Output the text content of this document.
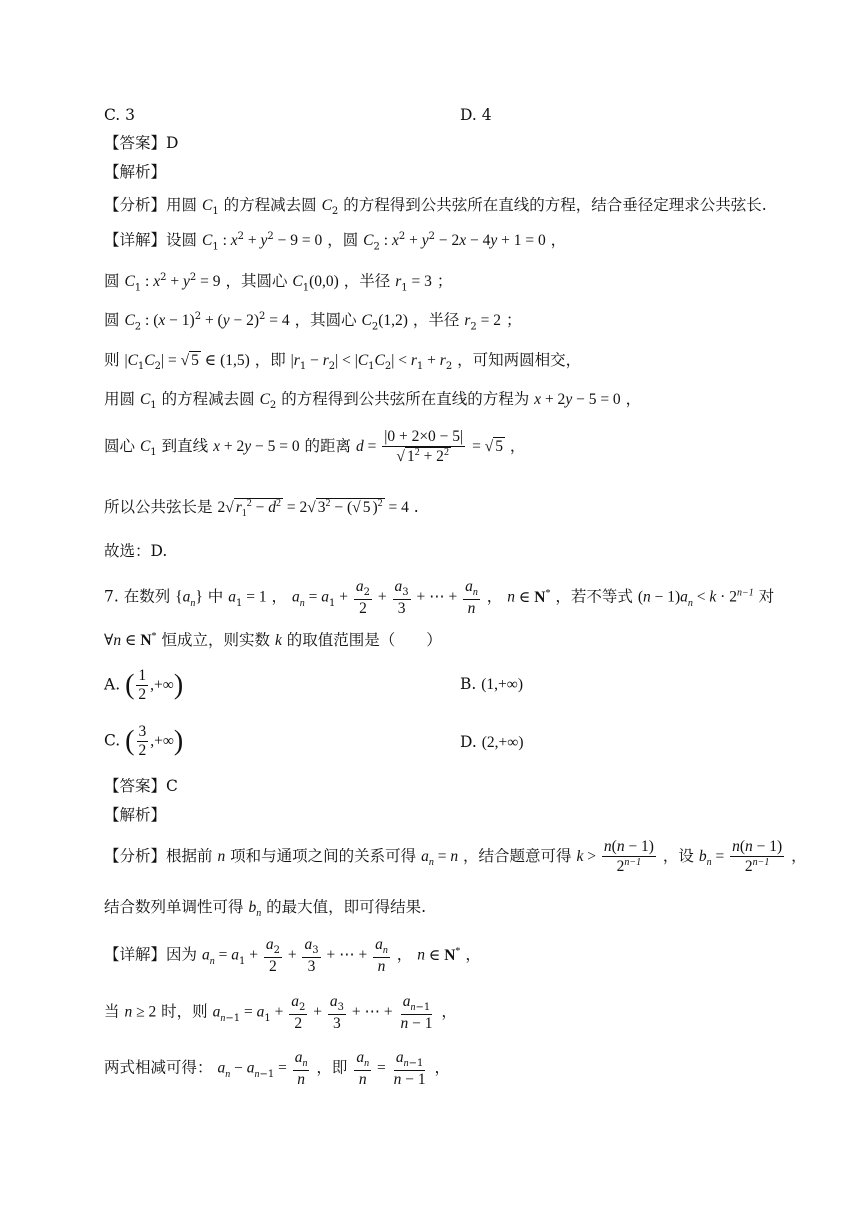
C. 3	D. 4
【答案】D
【解析】
【分析】用圆 $C_1$ 的方程减去圆 $C_2$ 的方程得到公共弦所在直线的方程，结合垂径定理求公共弦长.
【详解】设圆 $C_1$ : $x^2 + y^2 - 9 = 0$ ，圆 $C_2$ : $x^2 + y^2 - 2x - 4y + 1 = 0$ ，
圆 $C_1$ : $x^2 + y^2 = 9$ ，其圆心 $C_1(0,0)$ ，半径 $r_1 = 3$ ；
圆 $C_2$ : $(x - 1)^2 + (y - 2)^2 = 4$ ，其圆心 $C_2(1,2)$ ，半径 $r_2 = 2$ ；
则 $|C_1C_2|$ = √ 5 ∈ (1,5) ，即 $|r_1 - r_2| < |C_1C_2| < r_1 + r_2$ ，可知两圆相交，
用圆 $C_1$ 的方程减去圆 $C_2$ 的方程得到公共弦所在直线的方程为 x + 2y − 5 = 0 ，
圆心 $C_1$ 到直线 x + 2y − 5 = 0 的距离 $d = \frac{|0 + 2\times 0 - 5|}{√ 1^2 + 2^2}$ = √ 5 ，
所以公共弦长是 2√ $r_1^2 - d^2 = 2√$ $3^2$ − (√ 5 )$^2$ = 4 .
故选：D.
7. 在数列 $\{a_n\}$ 中 $a_1 = 1$ ， $a_n = a_1 + \frac{a_2}{2} + \frac{a_3}{3}$ + ⋯ + $\frac{a_n}{n}$ ， n ∈ N* ，若不等式 $(n - 1)a_n < k \cdot 2^{n-1}$ 对
∀n ∈ N* 恒成立，则实数 k 的取值范围是（　　）
A. ( $\frac{1}{2}$ ,+∞)	B. (1,+∞)
C. ( $\frac{3}{2}$ ,+∞)	D. (2,+∞)
【答案】C
【解析】
【分析】根据前 n 项和与通项之间的关系可得 $a_n = n$ ，结合题意可得 $k > \frac{n(n - 1)}{2^{n-1}}$ ，设 $b_n = \frac{n(n - 1)}{2^{n-1}}$ ，
结合数列单调性可得 $b_n$ 的最大值，即可得结果.
【详解】因为 $a_n = a_1 + \frac{a_2}{2} + \frac{a_3}{3}$ + ⋯ + $\frac{a_n}{n}$ ， n ∈ N* ，
当 n ≥ 2 时，则 $a_{n-1} = a_1 + \frac{a_2}{2} + \frac{a_3}{3}$ + ⋯ + $\frac{a_{n-1}}{n - 1}$ ，
两式相减可得： $a_n - a_{n-1} = \frac{a_n}{n}$ ，即 $\frac{a_n}{n} = \frac{a_{n-1}}{n - 1}$ ，
